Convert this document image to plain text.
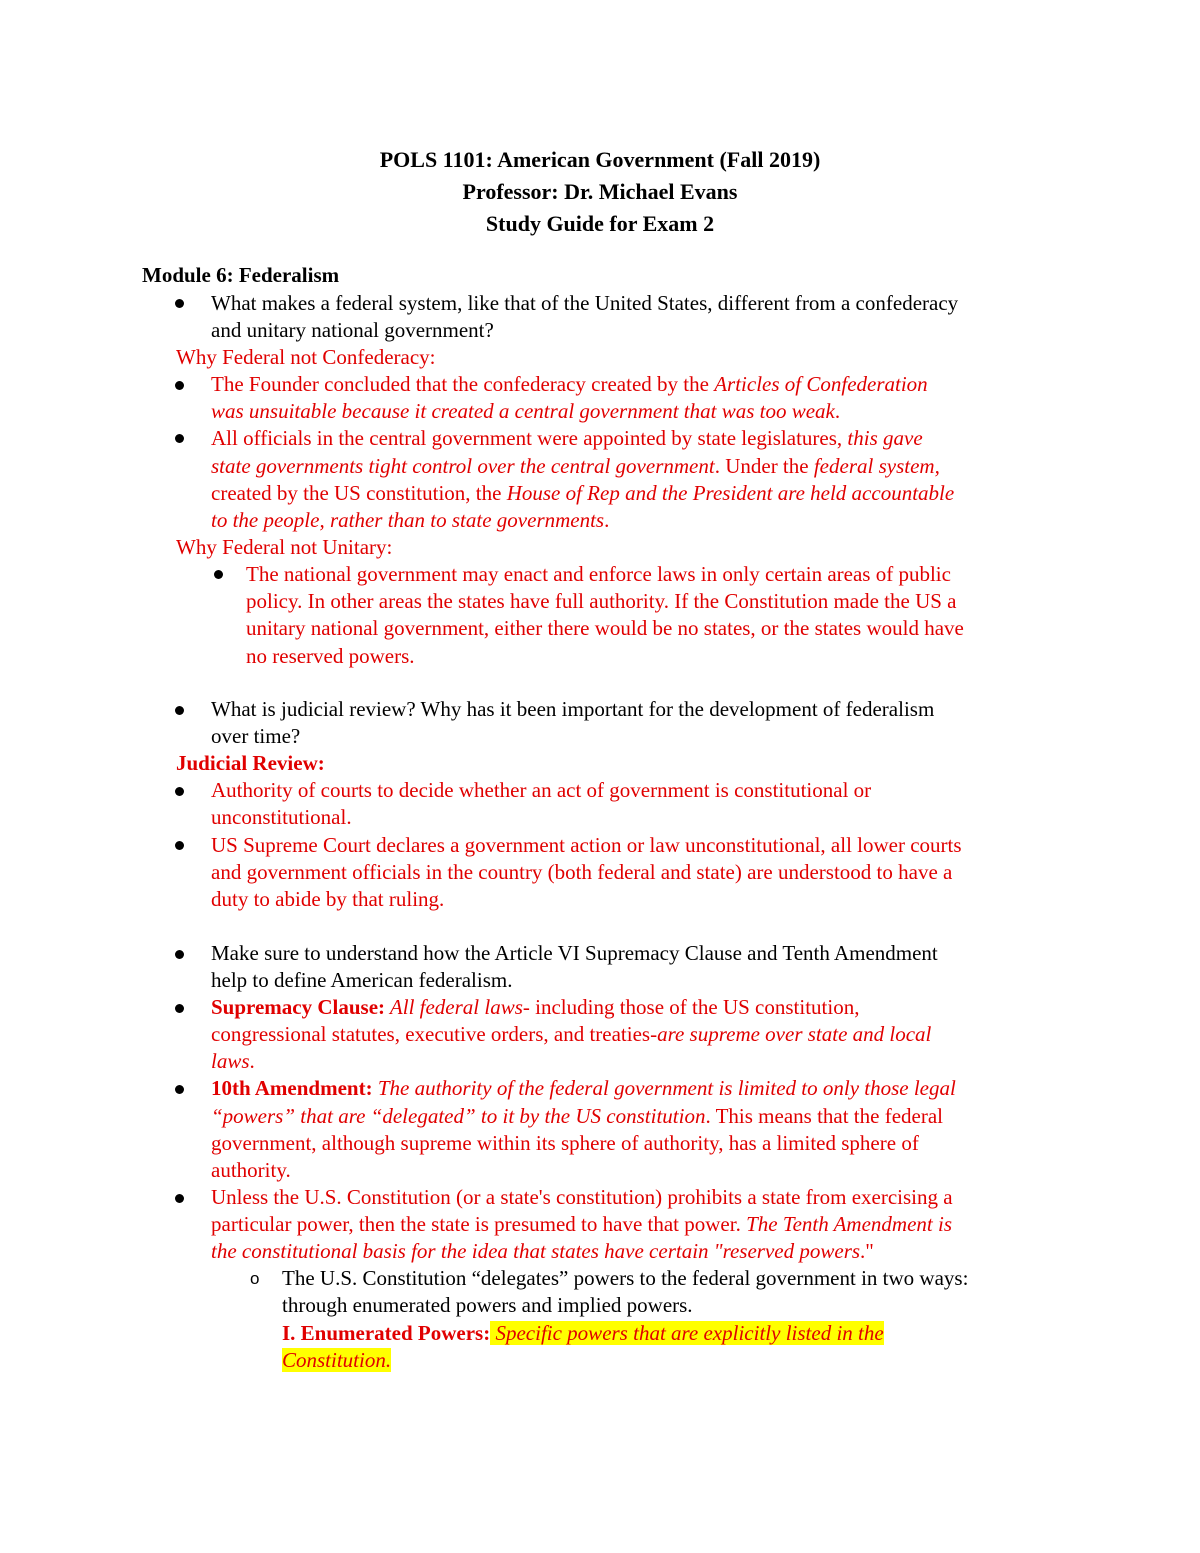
POLS 1101: American Government (Fall 2019)
Professor: Dr. Michael Evans
Study Guide for Exam 2
Module 6: Federalism
What makes a federal system, like that of the United States, different from a confederacy
and unitary national government?
Why Federal not Confederacy:
The Founder concluded that the confederacy created by the Articles of Confederation
was unsuitable because it created a central government that was too weak.
All officials in the central government were appointed by state legislatures, this gave
state governments tight control over the central government. Under the federal system,
created by the US constitution, the House of Rep and the President are held accountable
to the people, rather than to state governments.
Why Federal not Unitary:
The national government may enact and enforce laws in only certain areas of public
policy. In other areas the states have full authority. If the Constitution made the US a
unitary national government, either there would be no states, or the states would have
no reserved powers.
What is judicial review? Why has it been important for the development of federalism
over time?
Judicial Review:
Authority of courts to decide whether an act of government is constitutional or
unconstitutional.
US Supreme Court declares a government action or law unconstitutional, all lower courts
and government officials in the country (both federal and state) are understood to have a
duty to abide by that ruling.
Make sure to understand how the Article VI Supremacy Clause and Tenth Amendment
help to define American federalism.
Supremacy Clause: All federal laws- including those of the US constitution,
congressional statutes, executive orders, and treaties-are supreme over state and local
laws.
10th Amendment: The authority of the federal government is limited to only those legal
“powers” that are “delegated” to it by the US constitution. This means that the federal
government, although supreme within its sphere of authority, has a limited sphere of
authority.
Unless the U.S. Constitution (or a state's constitution) prohibits a state from exercising a
particular power, then the state is presumed to have that power. The Tenth Amendment is
the constitutional basis for the idea that states have certain "reserved powers."
o The U.S. Constitution “delegates” powers to the federal government in two ways:
through enumerated powers and implied powers.
I. Enumerated Powers: Specific powers that are explicitly listed in the
Constitution.
